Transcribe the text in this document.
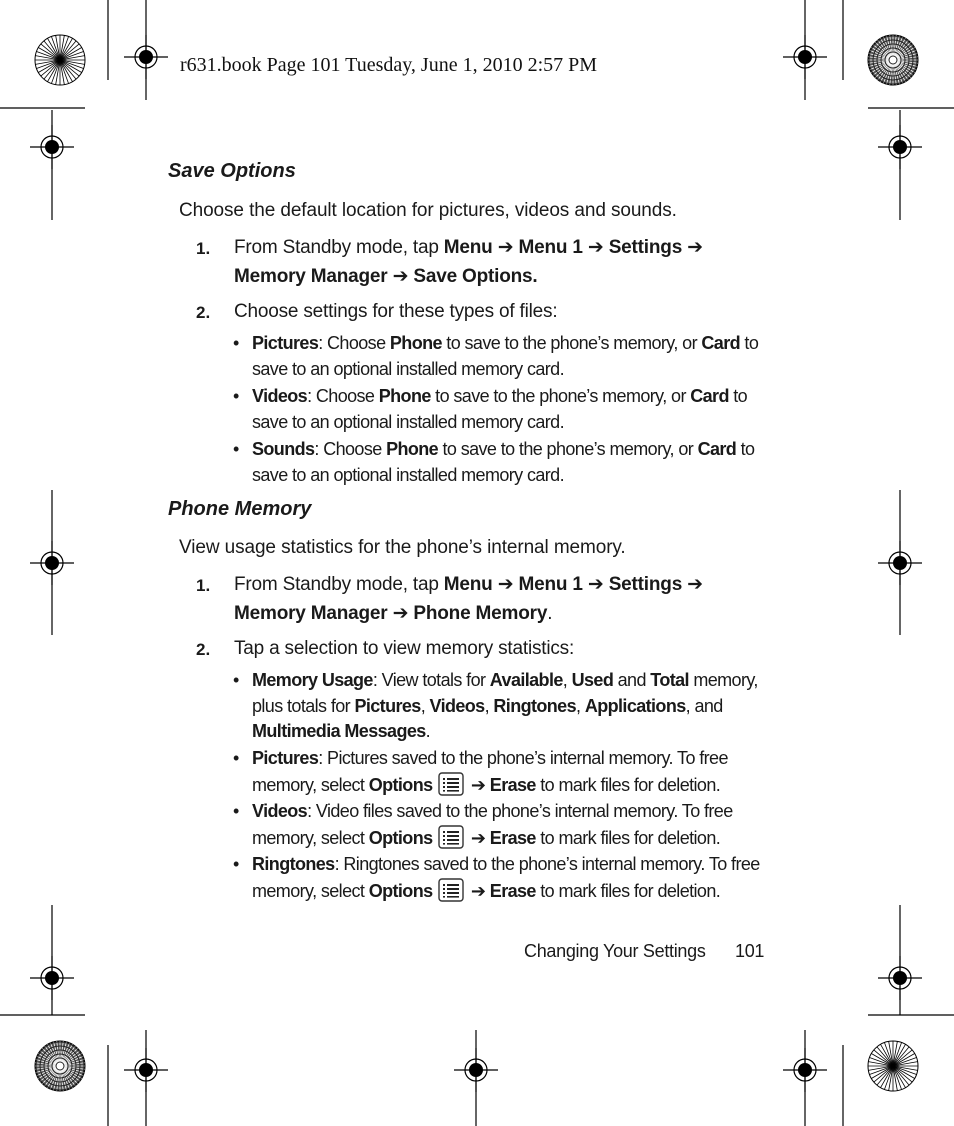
r631.book Page 101 Tuesday, June 1, 2010 2:57 PM
Save Options
Choose the default location for pictures, videos and sounds.
1. From Standby mode, tap Menu ➔ Menu 1 ➔ Settings ➔
Memory Manager ➔ Save Options.
2. Choose settings for these types of files:
• Pictures: Choose Phone to save to the phone’s memory, or Card to save to an optional installed memory card.
• Videos: Choose Phone to save to the phone’s memory, or Card to save to an optional installed memory card.
• Sounds: Choose Phone to save to the phone’s memory, or Card to save to an optional installed memory card.
Phone Memory
View usage statistics for the phone’s internal memory.
1. From Standby mode, tap Menu ➔ Menu 1 ➔ Settings ➔
Memory Manager ➔ Phone Memory.
2. Tap a selection to view memory statistics:
• Memory Usage: View totals for Available, Used and Total memory, plus totals for Pictures, Videos, Ringtones, Applications, and Multimedia Messages.
• Pictures: Pictures saved to the phone’s internal memory. To free memory, select Options ➔ Erase to mark files for deletion.
• Videos: Video files saved to the phone’s internal memory. To free memory, select Options ➔ Erase to mark files for deletion.
• Ringtones: Ringtones saved to the phone’s internal memory. To free memory, select Options ➔ Erase to mark files for deletion.
Changing Your Settings 101
